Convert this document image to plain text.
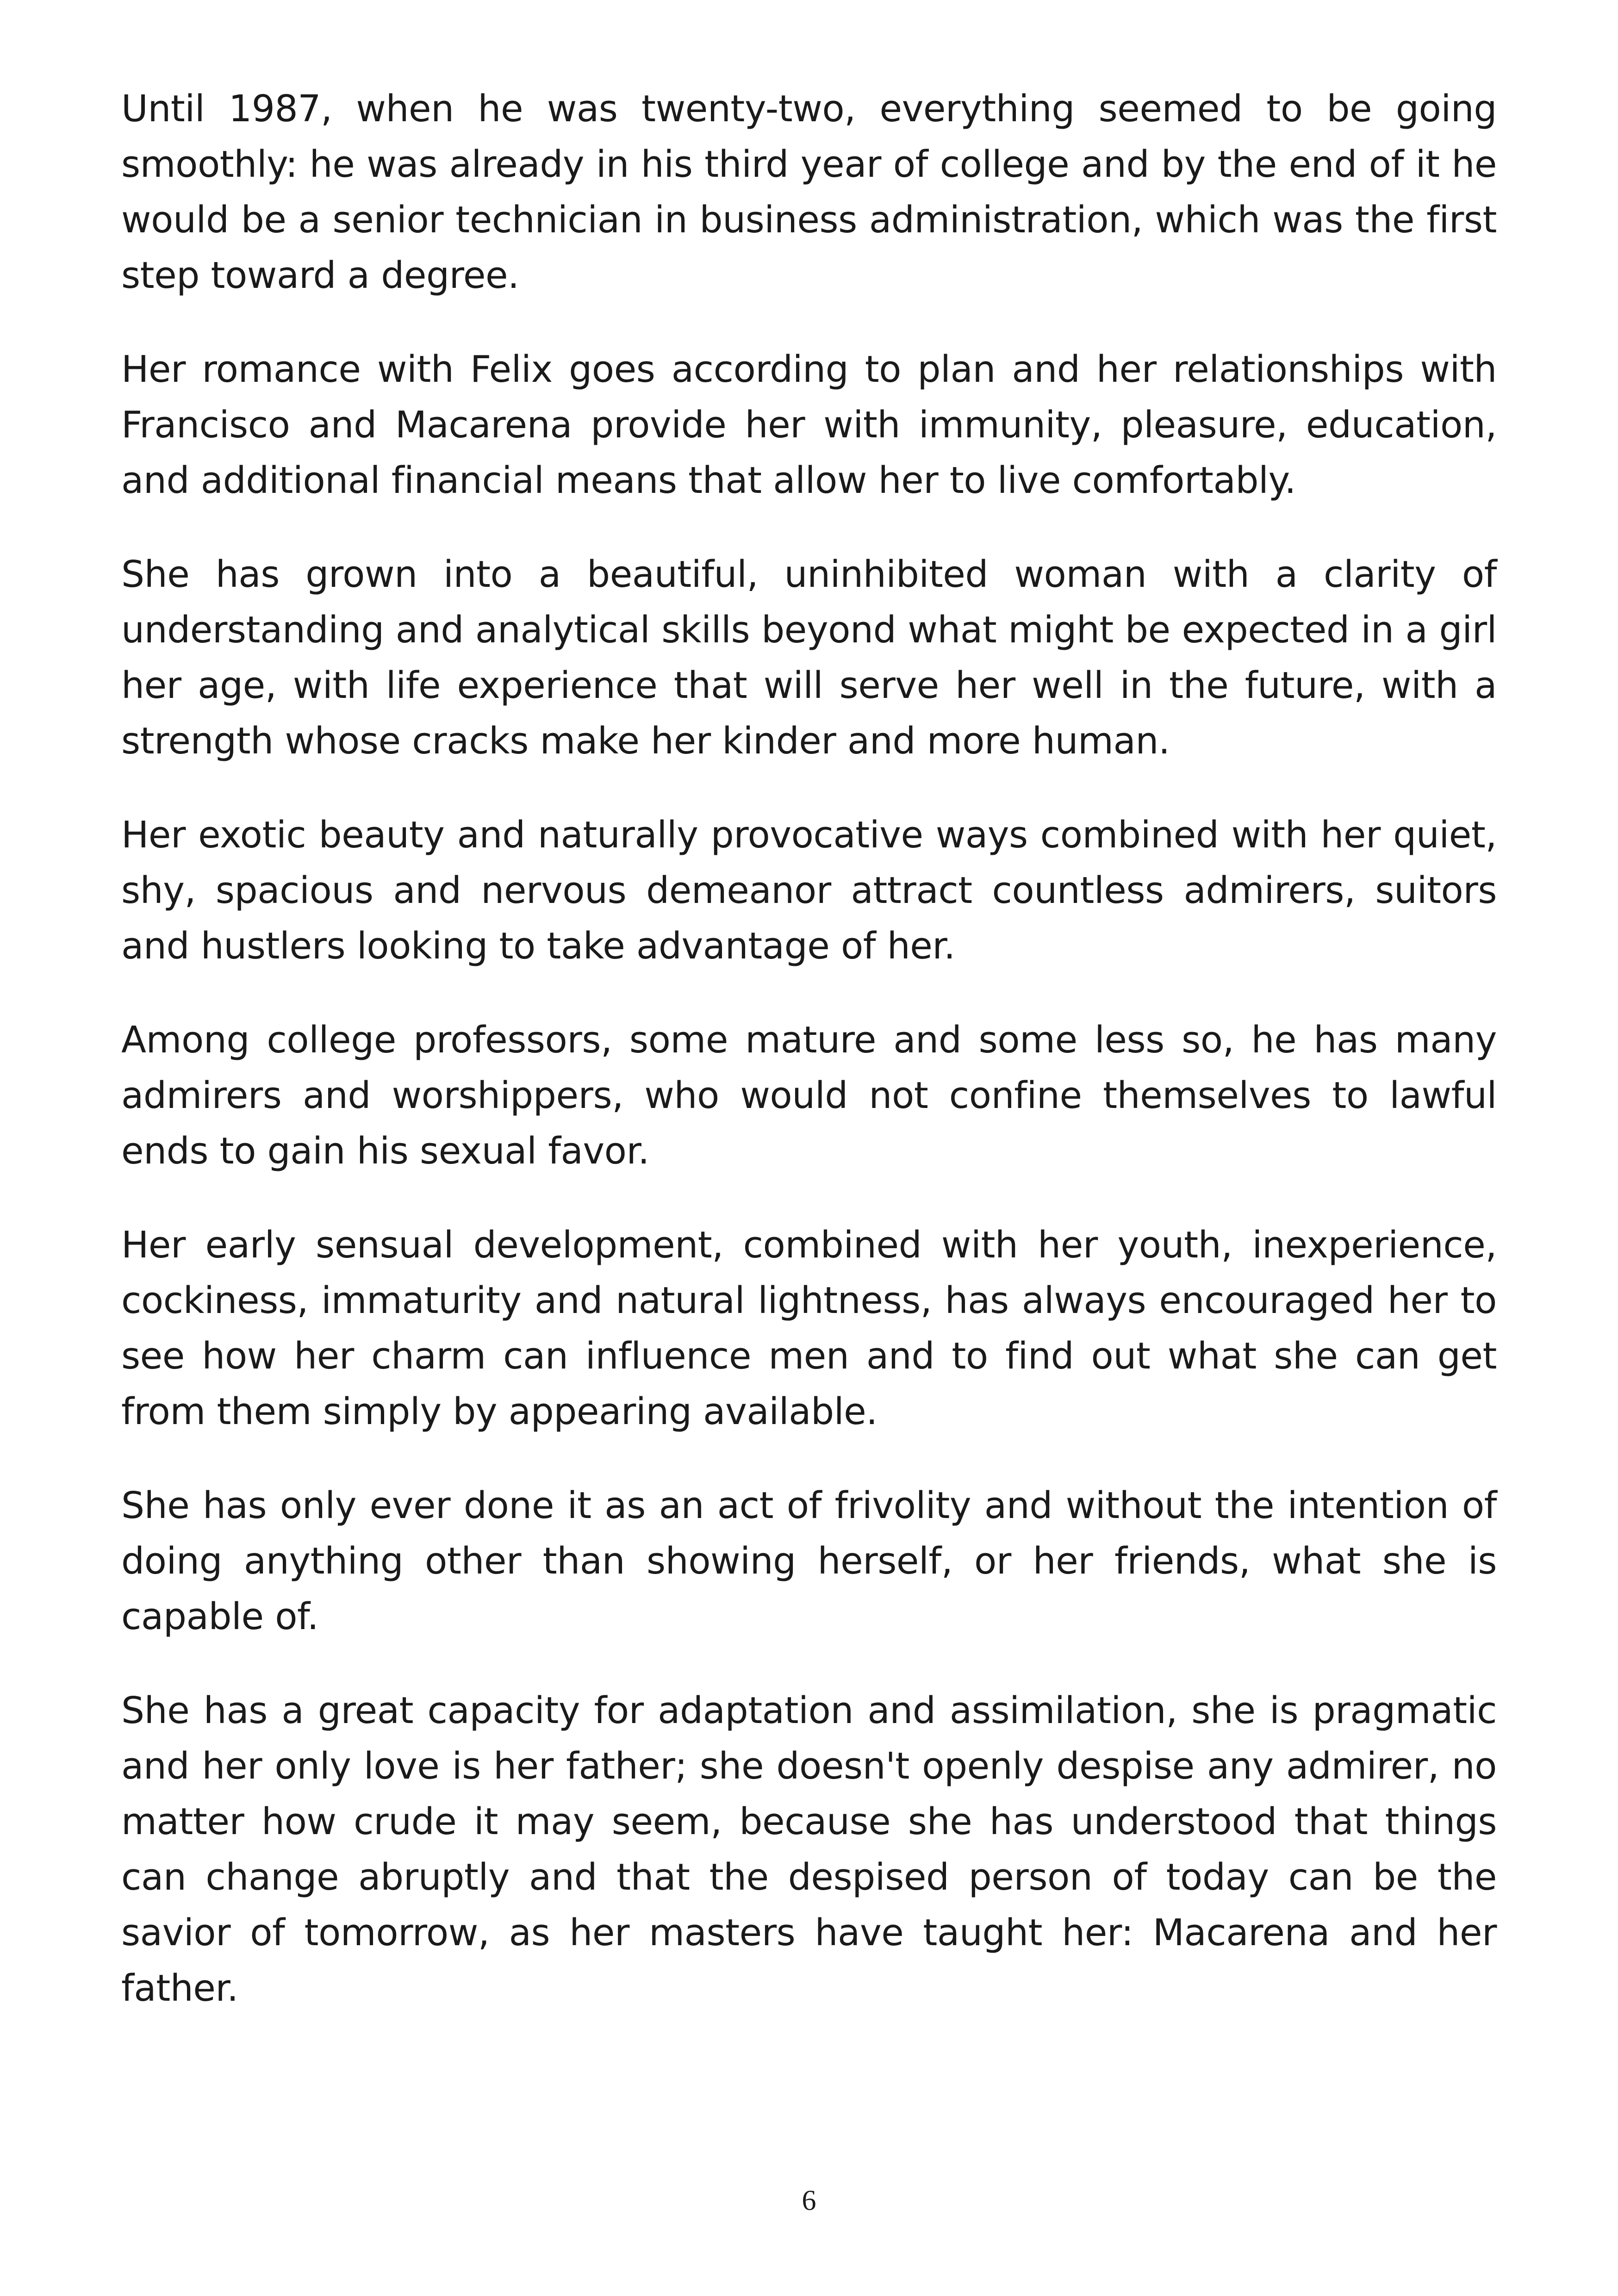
Until 1987, when he was twenty-two, everything seemed to be going smoothly: he was already in his third year of college and by the end of it he would be a senior technician in business administration, which was the first step toward a degree.

Her romance with Felix goes according to plan and her relationships with Francisco and Macarena provide her with immunity, pleasure, education, and additional financial means that allow her to live comfortably.

She has grown into a beautiful, uninhibited woman with a clarity of understanding and analytical skills beyond what might be expected in a girl her age, with life experience that will serve her well in the future, with a strength whose cracks make her kinder and more human.

Her exotic beauty and naturally provocative ways combined with her quiet, shy, spacious and nervous demeanor attract countless admirers, suitors and hustlers looking to take advantage of her.

Among college professors, some mature and some less so, he has many admirers and worshippers, who would not confine themselves to lawful ends to gain his sexual favor.

Her early sensual development, combined with her youth, inexperience, cockiness, immaturity and natural lightness, has always encouraged her to see how her charm can influence men and to find out what she can get from them simply by appearing available.

She has only ever done it as an act of frivolity and without the intention of doing anything other than showing herself, or her friends, what she is capable of.

She has a great capacity for adaptation and assimilation, she is pragmatic and her only love is her father; she doesn't openly despise any admirer, no matter how crude it may seem, because she has understood that things can change abruptly and that the despised person of today can be the savior of tomorrow, as her masters have taught her: Macarena and her father.

6
